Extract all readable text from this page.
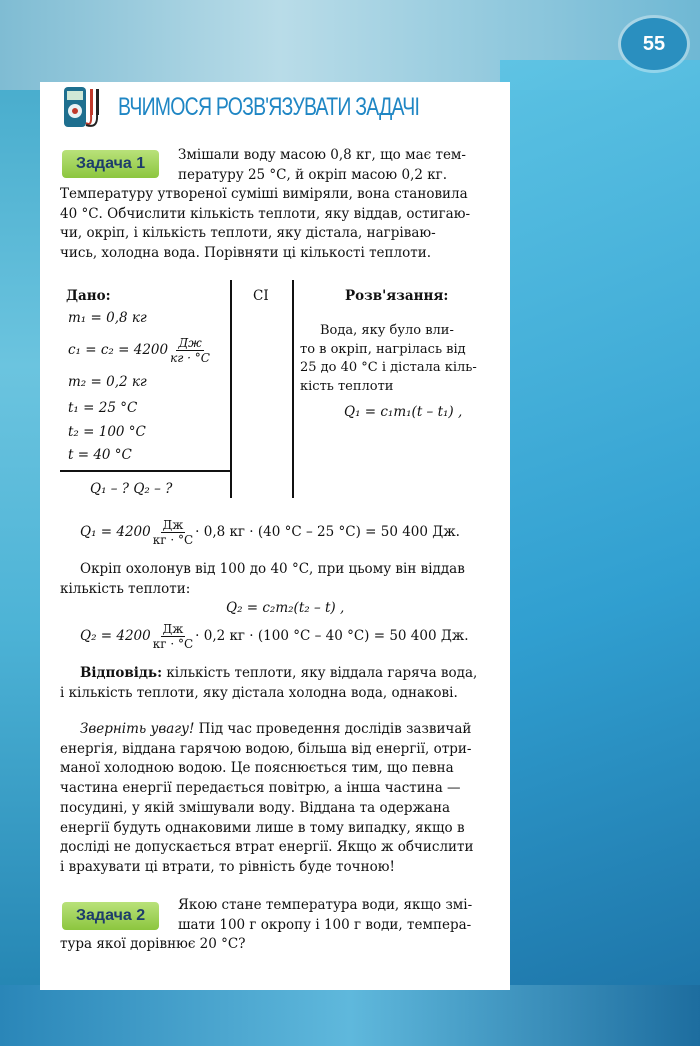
55
ВЧИМОСЯ РОЗВ'ЯЗУВАТИ ЗАДАЧІ
Задача 1	Змішали воду масою 0,8 кг, що має тем-

пературу 25 °С, й окріп масою 0,2 кг.

Температуру утвореної суміші виміряли, вона становила

40 °С. Обчислити кількість теплоти, яку віддав, остигаю-

чи, окріп, і кількість теплоти, яку дістала, нагріваю-

чись, холодна вода. Порівняти ці кількості теплоти.

Дано:	СІ
m₁ = 0,8 кг
$c_1 = c_2 = 4200 \frac{Дж}{кг \cdot ^\circ С}$
m₂ = 0,2 кг
t₁ = 25 °С
t₂ = 100 °С
t = 40 °С
Q₁ – ? Q₂ – ?
Розв'язання:

Вода, яку було вли-

то в окріп, нагрілась від

25 до 40 °С і дістала кіль-

кість теплоти

Q₁ = c₁m₁(t – t₁) ,
$Q_1 = 4200 \frac{Дж}{кг \cdot ^\circ С} \cdot 0,8$ кг · (40 °С – 25 °С) = 50 400 Дж.

Окріп охолонув від 100 до 40 °С, при цьому він віддав

кількість теплоти:

Q₂ = c₂m₂(t₂ – t) ,
$Q_2 = 4200 \frac{Дж}{кг \cdot ^\circ С} \cdot 0,2$ кг · (100 °С – 40 °С) = 50 400 Дж.

Відповідь: кількість теплоти, яку віддала гаряча вода,

і кількість теплоти, яку дістала холодна вода, однакові.

Зверніть увагу! Під час проведення дослідів зазвичай

енергія, віддана гарячою водою, більша від енергії, отри-

маної холодною водою. Це пояснюється тим, що певна

частина енергії передається повітрю, а інша частина —

посудині, у якій змішували воду. Віддана та одержана

енергії будуть однаковими лише в тому випадку, якщо в

досліді не допускається втрат енергії. Якщо ж обчислити

і врахувати ці втрати, то рівність буде точною!

Задача 2

Якою стане температура води, якщо змі-

шати 100 г окропу і 100 г води, темпера-

тура якої дорівнює 20 °С?
